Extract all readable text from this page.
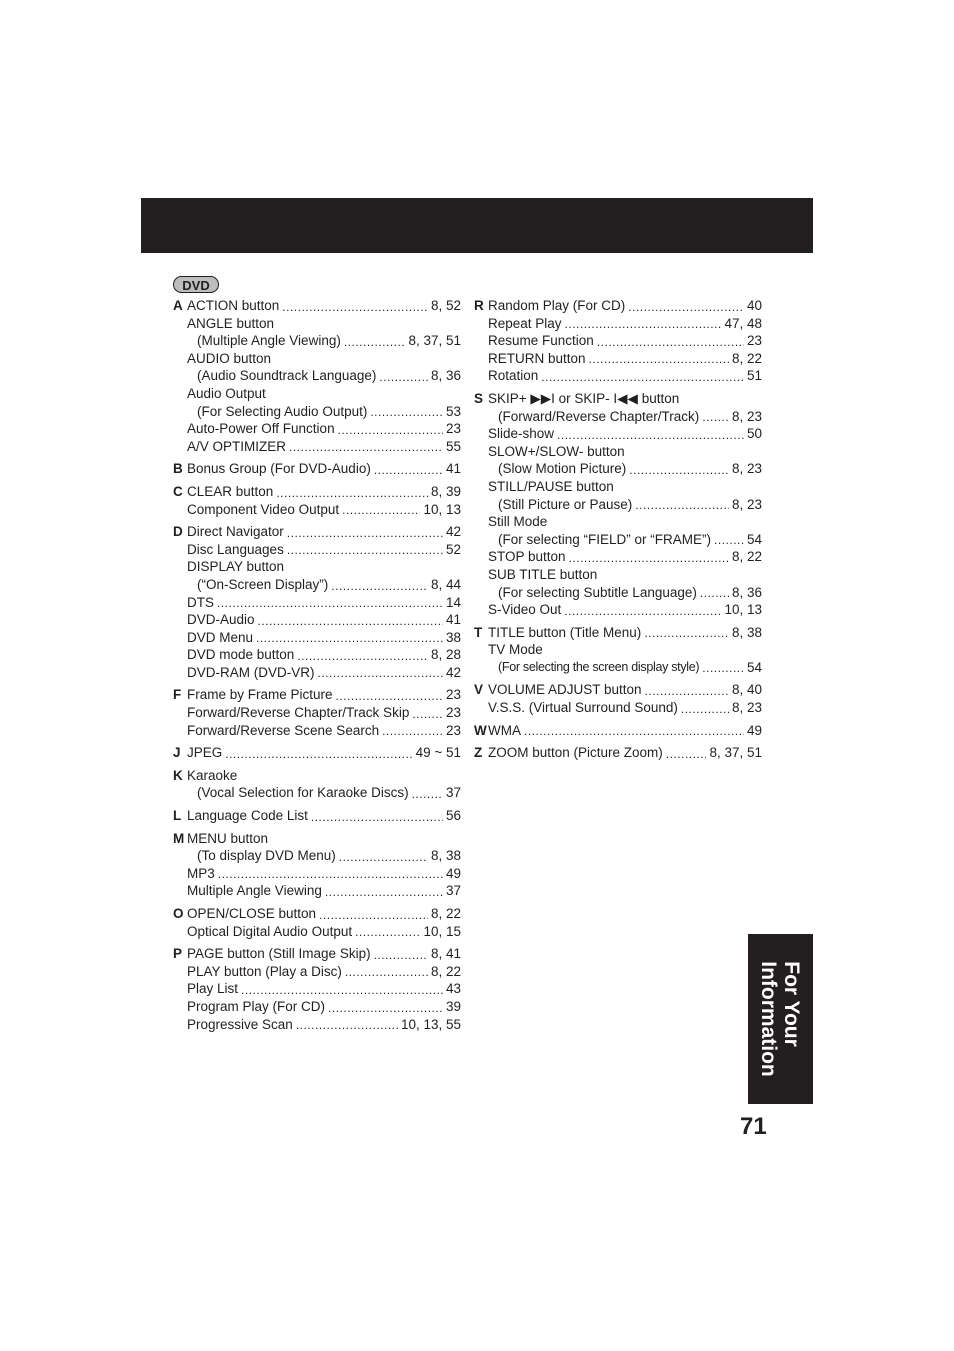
DVD
A ACTION button .....	8, 52
ANGLE button
(Multiple Angle Viewing) .....	8, 37, 51
AUDIO button
(Audio Soundtrack Language) .....	8, 36
Audio Output
(For Selecting Audio Output) .....	53
Auto-Power Off Function .....	23
A/V OPTIMIZER .....	55
B Bonus Group (For DVD-Audio) .....	41
C CLEAR button .....	8, 39
Component Video Output .....	10, 13
D Direct Navigator .....	42
Disc Languages .....	52
DISPLAY button
(“On-Screen Display”) .....	8, 44
DTS .....	14
DVD-Audio .....	41
DVD Menu .....	38
DVD mode button .....	8, 28
DVD-RAM (DVD-VR) .....	42
F Frame by Frame Picture .....	23
Forward/Reverse Chapter/Track Skip .....	23
Forward/Reverse Scene Search .....	23
J JPEG .....	49 ~ 51
K Karaoke
(Vocal Selection for Karaoke Discs) .....	37
L Language Code List .....	56
M MENU button
(To display DVD Menu) .....	8, 38
MP3 .....	49
Multiple Angle Viewing .....	37
O OPEN/CLOSE button .....	8, 22
Optical Digital Audio Output .....	10, 15
P PAGE button (Still Image Skip) .....	8, 41
PLAY button (Play a Disc) .....	8, 22
Play List .....	43
Program Play (For CD) .....	39
Progressive Scan .....	10, 13, 55
R Random Play (For CD) .....	40
Repeat Play .....	47, 48
Resume Function .....	23
RETURN button .....	8, 22
Rotation .....	51
S SKIP+ ▶▶I or SKIP- I◀◀ button
(Forward/Reverse Chapter/Track) ..... 8, 23
Slide-show .....	50
SLOW+/SLOW- button
(Slow Motion Picture) .....	8, 23
STILL/PAUSE button
(Still Picture or Pause) .....	8, 23
Still Mode
(For selecting “FIELD” or “FRAME”) .....	54
STOP button .....	8, 22
SUB TITLE button
(For selecting Subtitle Language) .....	8, 36
S-Video Out .....	10, 13
T TITLE button (Title Menu) .....	8, 38
TV Mode
(For selecting the screen display style) .....	54
V VOLUME ADJUST button .....	8, 40
V.S.S. (Virtual Surround Sound) .....	8, 23
W WMA .....	49
Z ZOOM button (Picture Zoom) .....	8, 37, 51
For Your
Information
71
